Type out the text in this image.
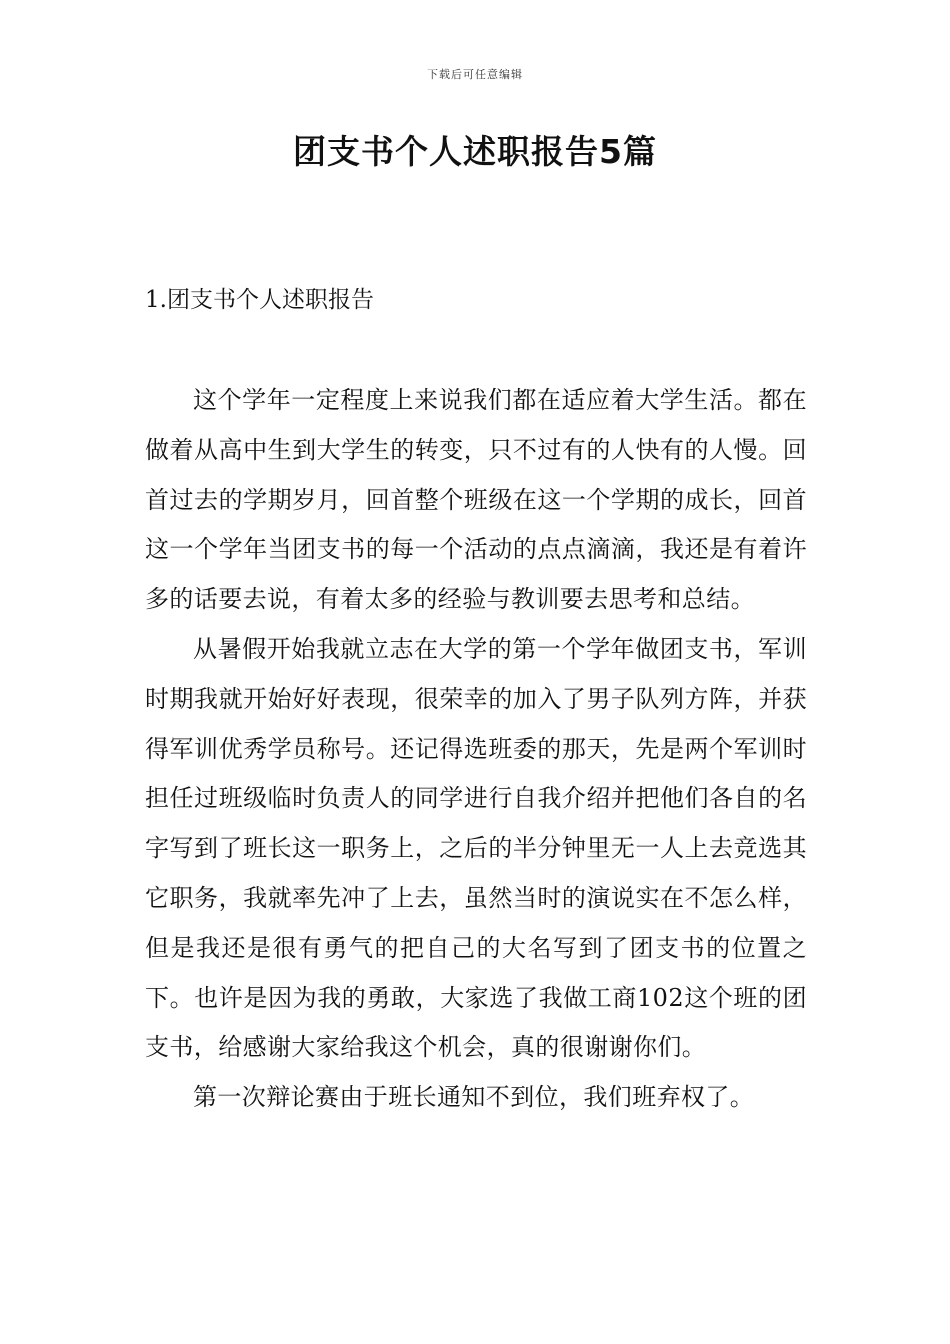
下载后可任意编辑
团支书个人述职报告5篇
1.团支书个人述职报告

这个学年一定程度上来说我们都在适应着大学生活。都在做着从高中生到大学生的转变，只不过有的人快有的人慢。回首过去的学期岁月，回首整个班级在这一个学期的成长，回首这一个学年当团支书的每一个活动的点点滴滴，我还是有着许多的话要去说，有着太多的经验与教训要去思考和总结。

从暑假开始我就立志在大学的第一个学年做团支书，军训时期我就开始好好表现，很荣幸的加入了男子队列方阵，并获得军训优秀学员称号。还记得选班委的那天，先是两个军训时担任过班级临时负责人的同学进行自我介绍并把他们各自的名字写到了班长这一职务上，之后的半分钟里无一人上去竞选其它职务，我就率先冲了上去，虽然当时的演说实在不怎么样，但是我还是很有勇气的把自己的大名写到了团支书的位置之下。也许是因为我的勇敢，大家选了我做工商102这个班的团支书，给感谢大家给我这个机会，真的很谢谢你们。

第一次辩论赛由于班长通知不到位，我们班弃权了。
